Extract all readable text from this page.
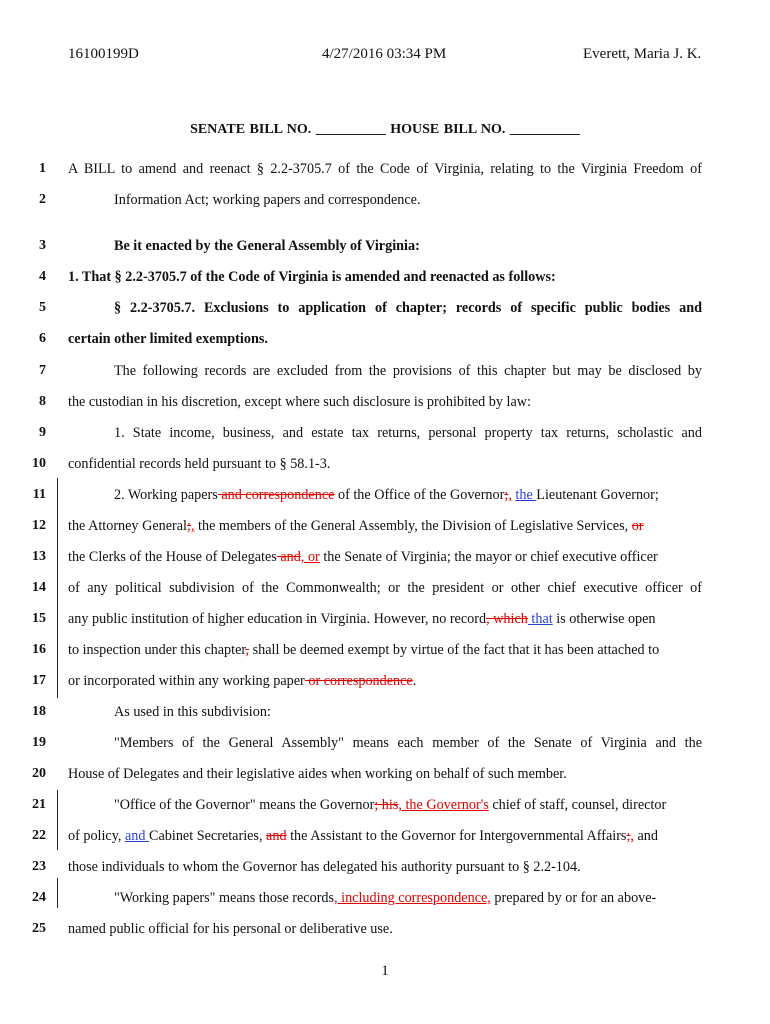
16100199D	4/27/2016 03:34 PM	Everett, Maria J. K.
SENATE BILL NO. __________ HOUSE BILL NO. __________
1 A BILL to amend and reenact § 2.2-3705.7 of the Code of Virginia, relating to the Virginia Freedom of
2	Information Act; working papers and correspondence.
3	Be it enacted by the General Assembly of Virginia:
4 1. That § 2.2-3705.7 of the Code of Virginia is amended and reenacted as follows:
5	§ 2.2-3705.7. Exclusions to application of chapter; records of specific public bodies and
6 certain other limited exemptions.
7	The following records are excluded from the provisions of this chapter but may be disclosed by
8 the custodian in his discretion, except where such disclosure is prohibited by law:
9	1. State income, business, and estate tax returns, personal property tax returns, scholastic and
10 confidential records held pursuant to § 58.1-3.
11	2. Working papers and correspondence of the Office of the Governor;, the Lieutenant Governor;
12 the Attorney General;, the members of the General Assembly, the Division of Legislative Services, or
13 the Clerks of the House of Delegates and, or the Senate of Virginia; the mayor or chief executive officer
14 of any political subdivision of the Commonwealth; or the president or other chief executive officer of
15 any public institution of higher education in Virginia. However, no record, which that is otherwise open
16 to inspection under this chapter, shall be deemed exempt by virtue of the fact that it has been attached to
17 or incorporated within any working paper or correspondence.
18	As used in this subdivision:
19	"Members of the General Assembly" means each member of the Senate of Virginia and the
20 House of Delegates and their legislative aides when working on behalf of such member.
21	"Office of the Governor" means the Governor; his, the Governor's chief of staff, counsel, director
22 of policy, and Cabinet Secretaries, and the Assistant to the Governor for Intergovernmental Affairs;, and
23 those individuals to whom the Governor has delegated his authority pursuant to § 2.2-104.
24	"Working papers" means those records, including correspondence, prepared by or for an above-
25 named public official for his personal or deliberative use.
1
